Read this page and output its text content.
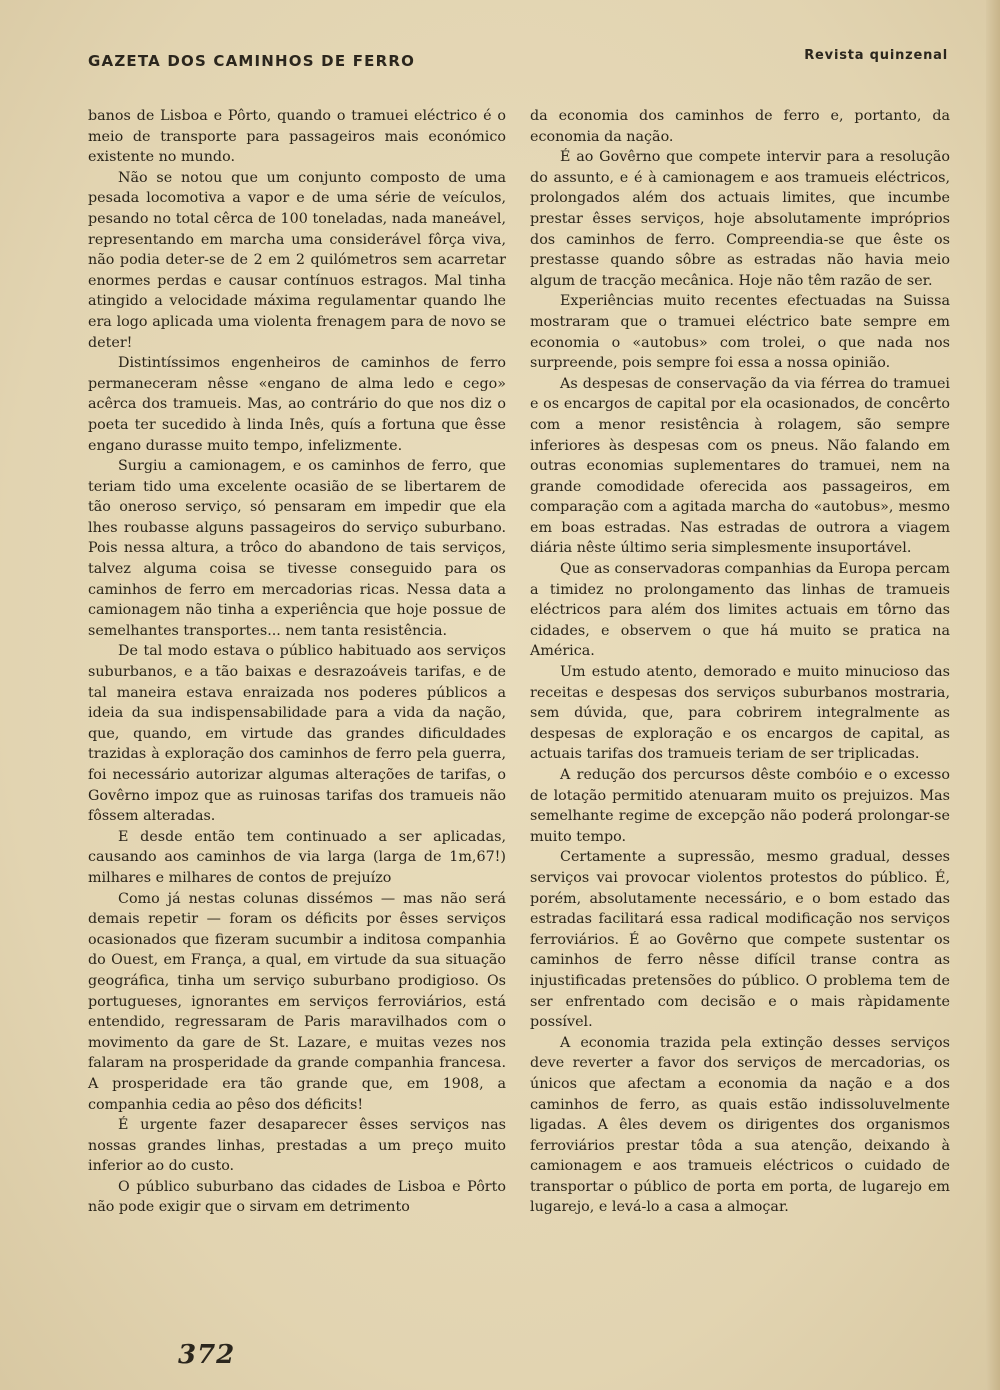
GAZETA DOS CAMINHOS DE FERRO	Revista quinzenal

banos de Lisboa e Pôrto, quando o tramuei eléctrico é o meio de transporte para passageiros mais económico existente no mundo.

Não se notou que um conjunto composto de uma pesada locomotiva a vapor e de uma série de veículos, pesando no total cêrca de 100 toneladas, nada maneável, representando em marcha uma considerável fôrça viva, não podia deter-se de 2 em 2 quilómetros sem acarretar enormes perdas e causar contínuos estragos. Mal tinha atingido a velocidade máxima regulamentar quando lhe era logo aplicada uma violenta frenagem para de novo se deter!

Distintíssimos engenheiros de caminhos de ferro permaneceram nêsse «engano de alma ledo e cego» acêrca dos tramueis. Mas, ao contrário do que nos diz o poeta ter sucedido à linda Inês, quís a fortuna que êsse engano durasse muito tempo, infelizmente.

Surgiu a camionagem, e os caminhos de ferro, que teriam tido uma excelente ocasião de se libertarem de tão oneroso serviço, só pensaram em impedir que ela lhes roubasse alguns passageiros do serviço suburbano. Pois nessa altura, a trôco do abandono de tais serviços, talvez alguma coisa se tivesse conseguido para os caminhos de ferro em mercadorias ricas. Nessa data a camionagem não tinha a experiência que hoje possue de semelhantes transportes... nem tanta resistência.

De tal modo estava o público habituado aos serviços suburbanos, e a tão baixas e desrazoáveis tarifas, e de tal maneira estava enraizada nos poderes públicos a ideia da sua indispensabilidade para a vida da nação, que, quando, em virtude das grandes dificuldades trazidas à exploração dos caminhos de ferro pela guerra, foi necessário autorizar algumas alterações de tarifas, o Govêrno impoz que as ruinosas tarifas dos tramueis não fôssem alteradas.

E desde então tem continuado a ser aplicadas, causando aos caminhos de via larga (larga de 1m,67!) milhares e milhares de contos de prejuízo

Como já nestas colunas dissémos — mas não será demais repetir — foram os déficits por êsses serviços ocasionados que fizeram sucumbir a inditosa companhia do Ouest, em França, a qual, em virtude da sua situação geográfica, tinha um serviço suburbano prodigioso. Os portugueses, ignorantes em serviços ferroviários, está entendido, regressaram de Paris maravilhados com o movimento da gare de St. Lazare, e muitas vezes nos falaram na prosperidade da grande companhia francesa. A prosperidade era tão grande que, em 1908, a companhia cedia ao pêso dos déficits!

É urgente fazer desaparecer êsses serviços nas nossas grandes linhas, prestadas a um preço muito inferior ao do custo.

O público suburbano das cidades de Lisboa e Pôrto não pode exigir que o sirvam em detrimento

da economia dos caminhos de ferro e, portanto, da economia da nação.

É ao Govêrno que compete intervir para a resolução do assunto, e é à camionagem e aos tramueis eléctricos, prolongados além dos actuais limites, que incumbe prestar êsses serviços, hoje absolutamente impróprios dos caminhos de ferro. Compreendia-se que êste os prestasse quando sôbre as estradas não havia meio algum de tracção mecânica. Hoje não têm razão de ser.

Experiências muito recentes efectuadas na Suissa mostraram que o tramuei eléctrico bate sempre em economia o «autobus» com trolei, o que nada nos surpreende, pois sempre foi essa a nossa opinião.

As despesas de conservação da via férrea do tramuei e os encargos de capital por ela ocasionados, de concêrto com a menor resistência à rolagem, são sempre inferiores às despesas com os pneus. Não falando em outras economias suplementares do tramuei, nem na grande comodidade oferecida aos passageiros, em comparação com a agitada marcha do «autobus», mesmo em boas estradas. Nas estradas de outrora a viagem diária nêste último seria simplesmente insuportável.

Que as conservadoras companhias da Europa percam a timidez no prolongamento das linhas de tramueis eléctricos para além dos limites actuais em tôrno das cidades, e observem o que há muito se pratica na América.

Um estudo atento, demorado e muito minucioso das receitas e despesas dos serviços suburbanos mostraria, sem dúvida, que, para cobrirem integralmente as despesas de exploração e os encargos de capital, as actuais tarifas dos tramueis teriam de ser triplicadas.

A redução dos percursos dêste combóio e o excesso de lotação permitido atenuaram muito os prejuizos. Mas semelhante regime de excepção não poderá prolongar-se muito tempo.

Certamente a supressão, mesmo gradual, desses serviços vai provocar violentos protestos do público. É, porém, absolutamente necessário, e o bom estado das estradas facilitará essa radical modificação nos serviços ferroviários. É ao Govêrno que compete sustentar os caminhos de ferro nêsse difícil transe contra as injustificadas pretensões do público. O problema tem de ser enfrentado com decisão e o mais ràpidamente possível.

A economia trazida pela extinção desses serviços deve reverter a favor dos serviços de mercadorias, os únicos que afectam a economia da nação e a dos caminhos de ferro, as quais estão indissoluvelmente ligadas. A êles devem os dirigentes dos organismos ferroviários prestar tôda a sua atenção, deixando à camionagem e aos tramueis eléctricos o cuidado de transportar o público de porta em porta, de lugarejo em lugarejo, e levá-lo a casa a almoçar.

372
